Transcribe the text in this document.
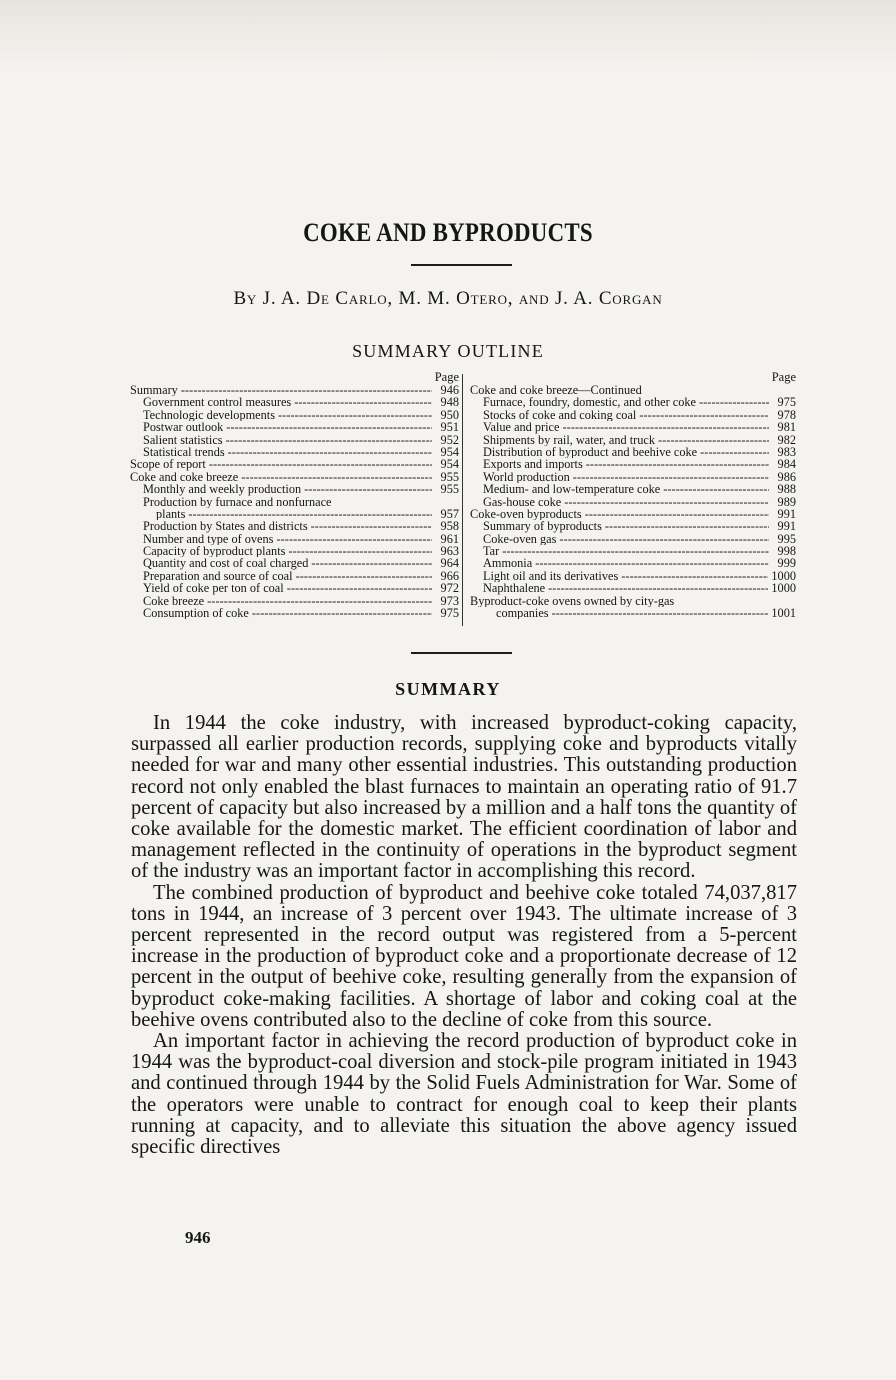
COKE AND BYPRODUCTS
By J. A. De Carlo, M. M. Otero, and J. A. Corgan
SUMMARY OUTLINE
Page
Summary - - -	946
Government control measures - - -	948
Technologic developments - - -	950
Postwar outlook - - -	951
Salient statistics - - -	952
Statistical trends - - -	954
Scope of report - - -	954
Coke and coke breeze - - -	955
Monthly and weekly production - - -	955
Production by furnace and nonfurnace
plants - - -	957
Production by States and districts - - -	958
Number and type of ovens - - -	961
Capacity of byproduct plants - - -	963
Quantity and cost of coal charged - - -	964
Preparation and source of coal - - -	966
Yield of coke per ton of coal - - -	972
Coke breeze - - -	973
Consumption of coke - - -	975
Page
Coke and coke breeze—Continued
Furnace, foundry, domestic, and other coke - - -	975
Stocks of coke and coking coal - - -	978
Value and price - - -	981
Shipments by rail, water, and truck - - -	982
Distribution of byproduct and beehive coke - - -	983
Exports and imports - - -	984
World production - - -	986
Medium- and low-temperature coke - - -	988
Gas-house coke - - -	989
Coke-oven byproducts - - -	991
Summary of byproducts - - -	991
Coke-oven gas - - -	995
Tar - - -	998
Ammonia - - -	999
Light oil and its derivatives - - -	1000
Naphthalene - - -	1000
Byproduct-coke ovens owned by city-gas
companies - - -	1001
SUMMARY

In 1944 the coke industry, with increased byproduct-coking capacity, surpassed all earlier production records, supplying coke and byproducts vitally needed for war and many other essential industries. This outstanding production record not only enabled the blast furnaces to maintain an operating ratio of 91.7 percent of capacity but also increased by a million and a half tons the quantity of coke available for the domestic market. The efficient coordination of labor and management reflected in the continuity of operations in the byproduct segment of the industry was an important factor in accomplishing this record.

The combined production of byproduct and beehive coke totaled 74,037,817 tons in 1944, an increase of 3 percent over 1943. The ultimate increase of 3 percent represented in the record output was registered from a 5-percent increase in the production of byproduct coke and a proportionate decrease of 12 percent in the output of beehive coke, resulting generally from the expansion of byproduct coke-making facilities. A shortage of labor and coking coal at the beehive ovens contributed also to the decline of coke from this source.

An important factor in achieving the record production of byproduct coke in 1944 was the byproduct-coal diversion and stock-pile program initiated in 1943 and continued through 1944 by the Solid Fuels Administration for War. Some of the operators were unable to contract for enough coal to keep their plants running at capacity, and to alleviate this situation the above agency issued specific directives

946
